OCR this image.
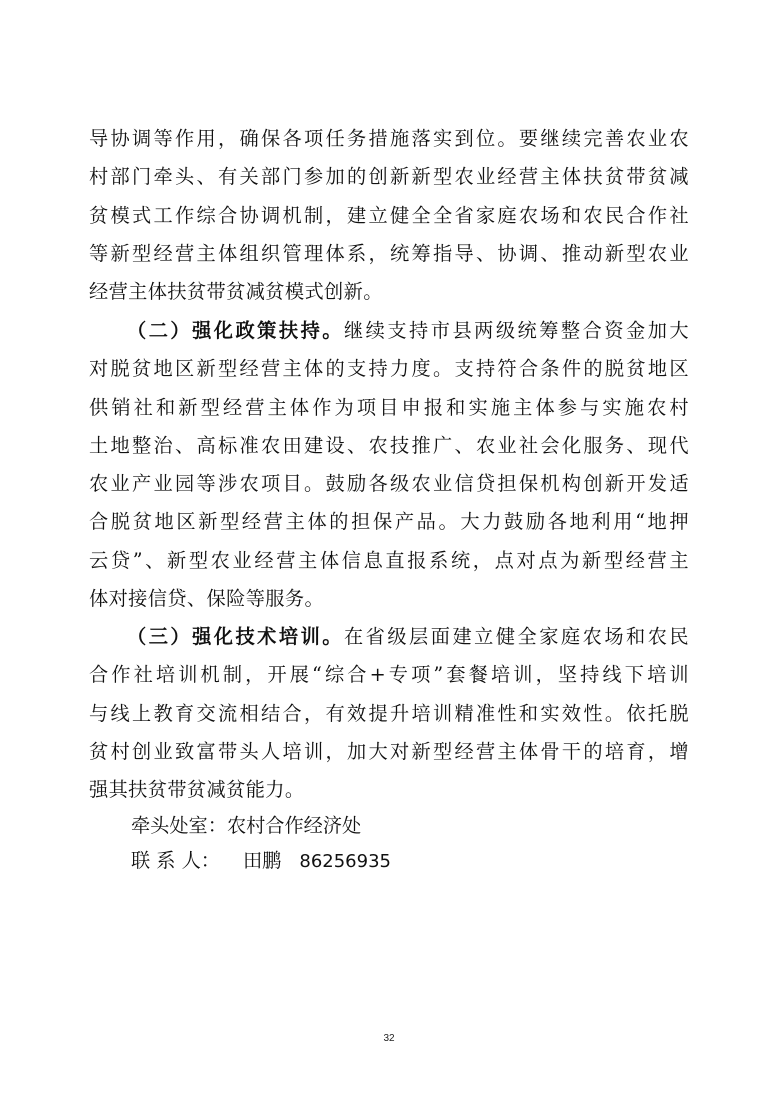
导协调等作用，确保各项任务措施落实到位。要继续完善农业农
村部门牵头、有关部门参加的创新新型农业经营主体扶贫带贫减
贫模式工作综合协调机制，建立健全全省家庭农场和农民合作社
等新型经营主体组织管理体系，统筹指导、协调、推动新型农业
经营主体扶贫带贫减贫模式创新。
（二）强化政策扶持。继续支持市县两级统筹整合资金加大
对脱贫地区新型经营主体的支持力度。支持符合条件的脱贫地区
供销社和新型经营主体作为项目申报和实施主体参与实施农村
土地整治、高标准农田建设、农技推广、农业社会化服务、现代
农业产业园等涉农项目。鼓励各级农业信贷担保机构创新开发适
合脱贫地区新型经营主体的担保产品。大力鼓励各地利用“地押
云贷”、新型农业经营主体信息直报系统，点对点为新型经营主
体对接信贷、保险等服务。
（三）强化技术培训。在省级层面建立健全家庭农场和农民
合作社培训机制，开展“综合+专项”套餐培训，坚持线下培训
与线上教育交流相结合，有效提升培训精准性和实效性。依托脱
贫村创业致富带头人培训，加大对新型经营主体骨干的培育，增
强其扶贫带贫减贫能力。
牵头处室：农村合作经济处
联 系 人： 田鹏 86256935
32
